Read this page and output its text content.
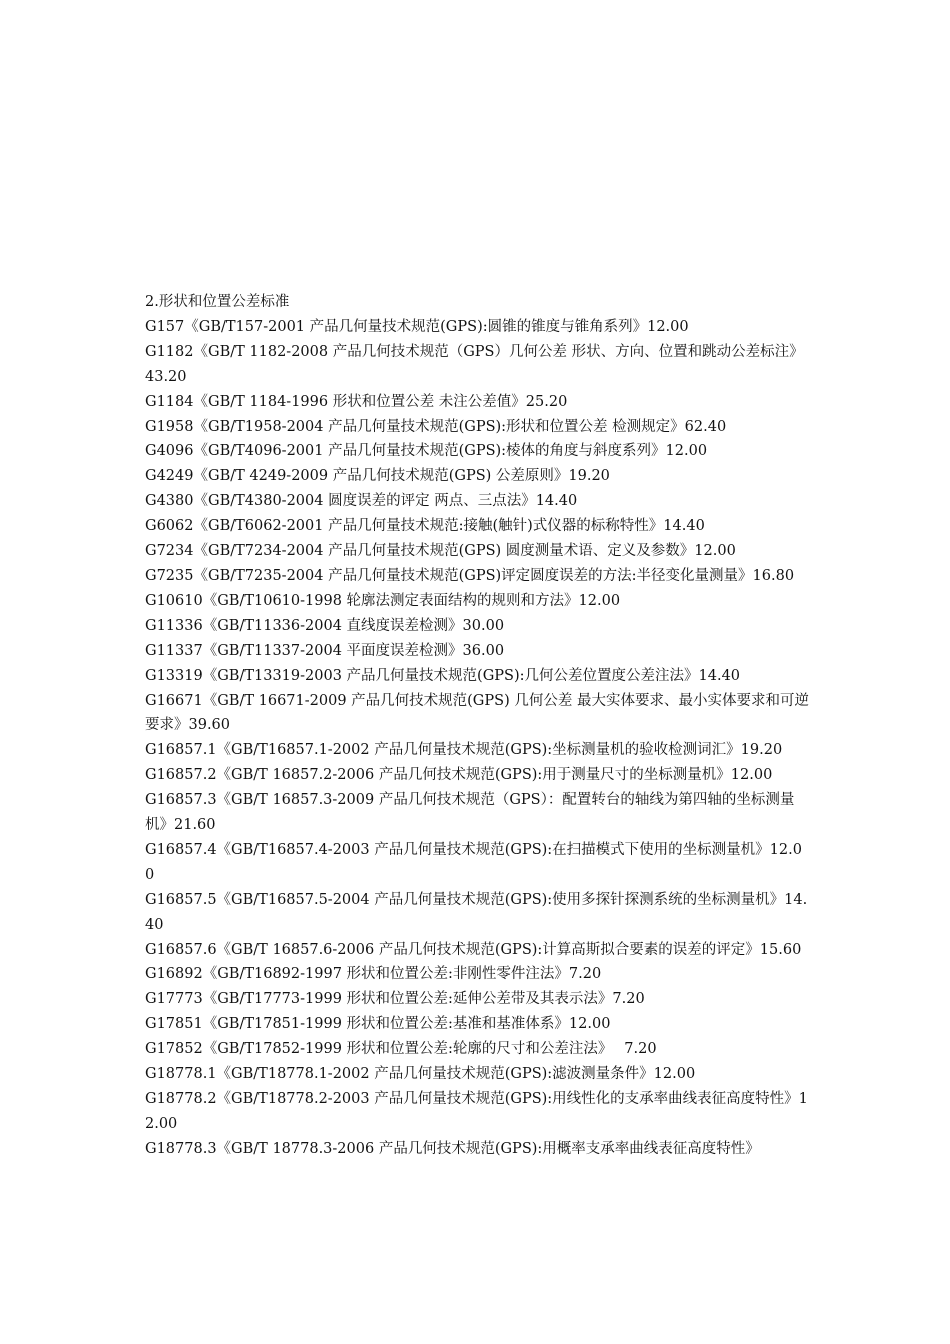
2.形状和位置公差标准

G157《GB/T157-2001 产品几何量技术规范(GPS):圆锥的锥度与锥角系列》12.00

G1182《GB/T 1182-2008 产品几何技术规范（GPS）几何公差 形状、方向、位置和跳动公差标注》43.20

G1184《GB/T 1184-1996 形状和位置公差 未注公差值》25.20

G1958《GB/T1958-2004 产品几何量技术规范(GPS):形状和位置公差 检测规定》62.40

G4096《GB/T4096-2001 产品几何量技术规范(GPS):棱体的角度与斜度系列》12.00

G4249《GB/T 4249-2009 产品几何技术规范(GPS) 公差原则》19.20

G4380《GB/T4380-2004 圆度误差的评定 两点、三点法》14.40

G6062《GB/T6062-2001 产品几何量技术规范:接触(触针)式仪器的标称特性》14.40

G7234《GB/T7234-2004 产品几何量技术规范(GPS) 圆度测量术语、定义及参数》12.00

G7235《GB/T7235-2004 产品几何量技术规范(GPS)评定圆度误差的方法:半径变化量测量》16.80

G10610《GB/T10610-1998 轮廓法测定表面结构的规则和方法》12.00

G11336《GB/T11336-2004 直线度误差检测》30.00

G11337《GB/T11337-2004 平面度误差检测》36.00

G13319《GB/T13319-2003 产品几何量技术规范(GPS):几何公差位置度公差注法》14.40

G16671《GB/T 16671-2009 产品几何技术规范(GPS) 几何公差 最大实体要求、最小实体要求和可逆要求》39.60

G16857.1《GB/T16857.1-2002 产品几何量技术规范(GPS):坐标测量机的验收检测词汇》19.20

G16857.2《GB/T 16857.2-2006 产品几何技术规范(GPS):用于测量尺寸的坐标测量机》12.00

G16857.3《GB/T 16857.3-2009 产品几何技术规范（GPS）：配置转台的轴线为第四轴的坐标测量机》21.60

G16857.4《GB/T16857.4-2003 产品几何量技术规范(GPS):在扫描模式下使用的坐标测量机》12.00

G16857.5《GB/T16857.5-2004 产品几何量技术规范(GPS):使用多探针探测系统的坐标测量机》14.40

G16857.6《GB/T 16857.6-2006 产品几何技术规范(GPS):计算高斯拟合要素的误差的评定》15.60

G16892《GB/T16892-1997 形状和位置公差:非刚性零件注法》7.20

G17773《GB/T17773-1999 形状和位置公差:延伸公差带及其表示法》7.20

G17851《GB/T17851-1999 形状和位置公差:基准和基准体系》12.00

G17852《GB/T17852-1999 形状和位置公差:轮廓的尺寸和公差注法》　 7.20

G18778.1《GB/T18778.1-2002 产品几何量技术规范(GPS):滤波测量条件》12.00

G18778.2《GB/T18778.2-2003 产品几何量技术规范(GPS):用线性化的支承率曲线表征高度特性》12.00

G18778.3《GB/T 18778.3-2006 产品几何技术规范(GPS):用概率支承率曲线表征高度特性》
